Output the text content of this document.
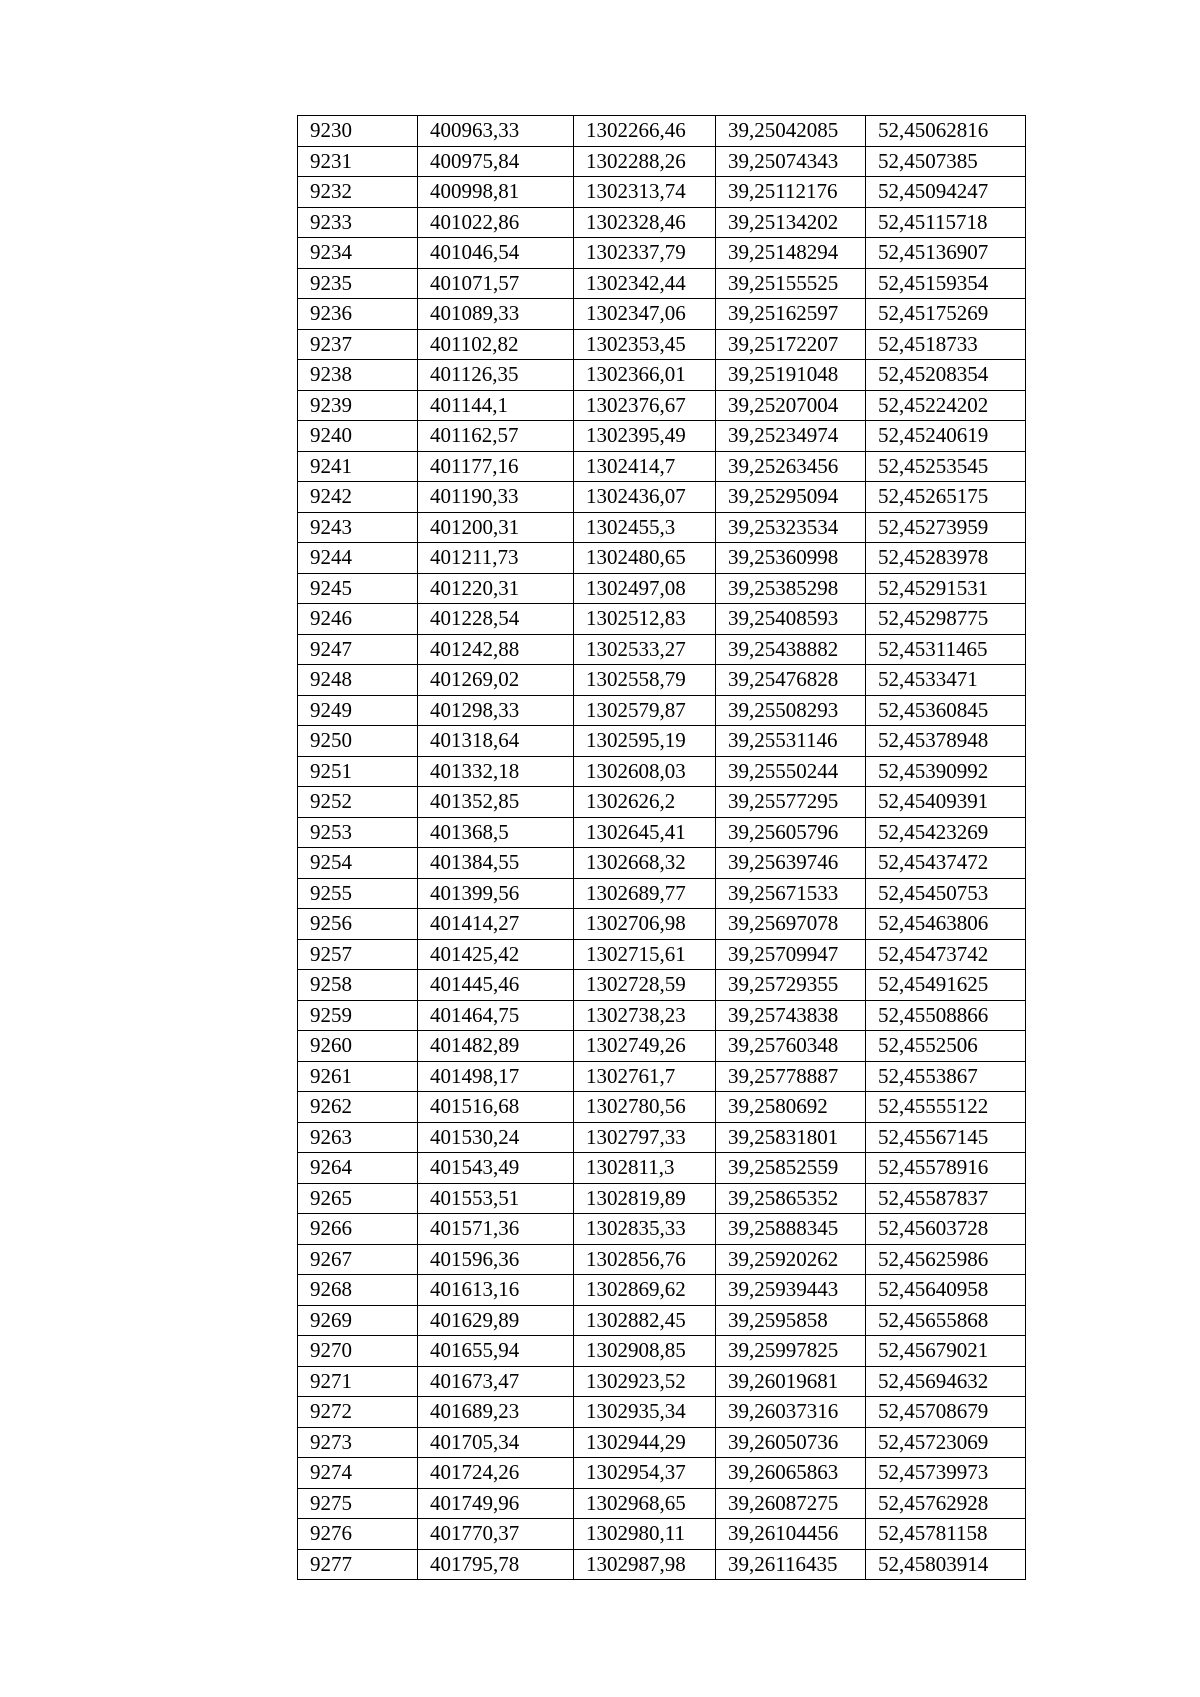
9230	400963,33	1302266,46	39,25042085	52,45062816
9231	400975,84	1302288,26	39,25074343	52,4507385
9232	400998,81	1302313,74	39,25112176	52,45094247
9233	401022,86	1302328,46	39,25134202	52,45115718
9234	401046,54	1302337,79	39,25148294	52,45136907
9235	401071,57	1302342,44	39,25155525	52,45159354
9236	401089,33	1302347,06	39,25162597	52,45175269
9237	401102,82	1302353,45	39,25172207	52,4518733
9238	401126,35	1302366,01	39,25191048	52,45208354
9239	401144,1	1302376,67	39,25207004	52,45224202
9240	401162,57	1302395,49	39,25234974	52,45240619
9241	401177,16	1302414,7	39,25263456	52,45253545
9242	401190,33	1302436,07	39,25295094	52,45265175
9243	401200,31	1302455,3	39,25323534	52,45273959
9244	401211,73	1302480,65	39,25360998	52,45283978
9245	401220,31	1302497,08	39,25385298	52,45291531
9246	401228,54	1302512,83	39,25408593	52,45298775
9247	401242,88	1302533,27	39,25438882	52,45311465
9248	401269,02	1302558,79	39,25476828	52,4533471
9249	401298,33	1302579,87	39,25508293	52,45360845
9250	401318,64	1302595,19	39,25531146	52,45378948
9251	401332,18	1302608,03	39,25550244	52,45390992
9252	401352,85	1302626,2	39,25577295	52,45409391
9253	401368,5	1302645,41	39,25605796	52,45423269
9254	401384,55	1302668,32	39,25639746	52,45437472
9255	401399,56	1302689,77	39,25671533	52,45450753
9256	401414,27	1302706,98	39,25697078	52,45463806
9257	401425,42	1302715,61	39,25709947	52,45473742
9258	401445,46	1302728,59	39,25729355	52,45491625
9259	401464,75	1302738,23	39,25743838	52,45508866
9260	401482,89	1302749,26	39,25760348	52,4552506
9261	401498,17	1302761,7	39,25778887	52,4553867
9262	401516,68	1302780,56	39,2580692	52,45555122
9263	401530,24	1302797,33	39,25831801	52,45567145
9264	401543,49	1302811,3	39,25852559	52,45578916
9265	401553,51	1302819,89	39,25865352	52,45587837
9266	401571,36	1302835,33	39,25888345	52,45603728
9267	401596,36	1302856,76	39,25920262	52,45625986
9268	401613,16	1302869,62	39,25939443	52,45640958
9269	401629,89	1302882,45	39,2595858	52,45655868
9270	401655,94	1302908,85	39,25997825	52,45679021
9271	401673,47	1302923,52	39,26019681	52,45694632
9272	401689,23	1302935,34	39,26037316	52,45708679
9273	401705,34	1302944,29	39,26050736	52,45723069
9274	401724,26	1302954,37	39,26065863	52,45739973
9275	401749,96	1302968,65	39,26087275	52,45762928
9276	401770,37	1302980,11	39,26104456	52,45781158
9277	401795,78	1302987,98	39,26116435	52,45803914
